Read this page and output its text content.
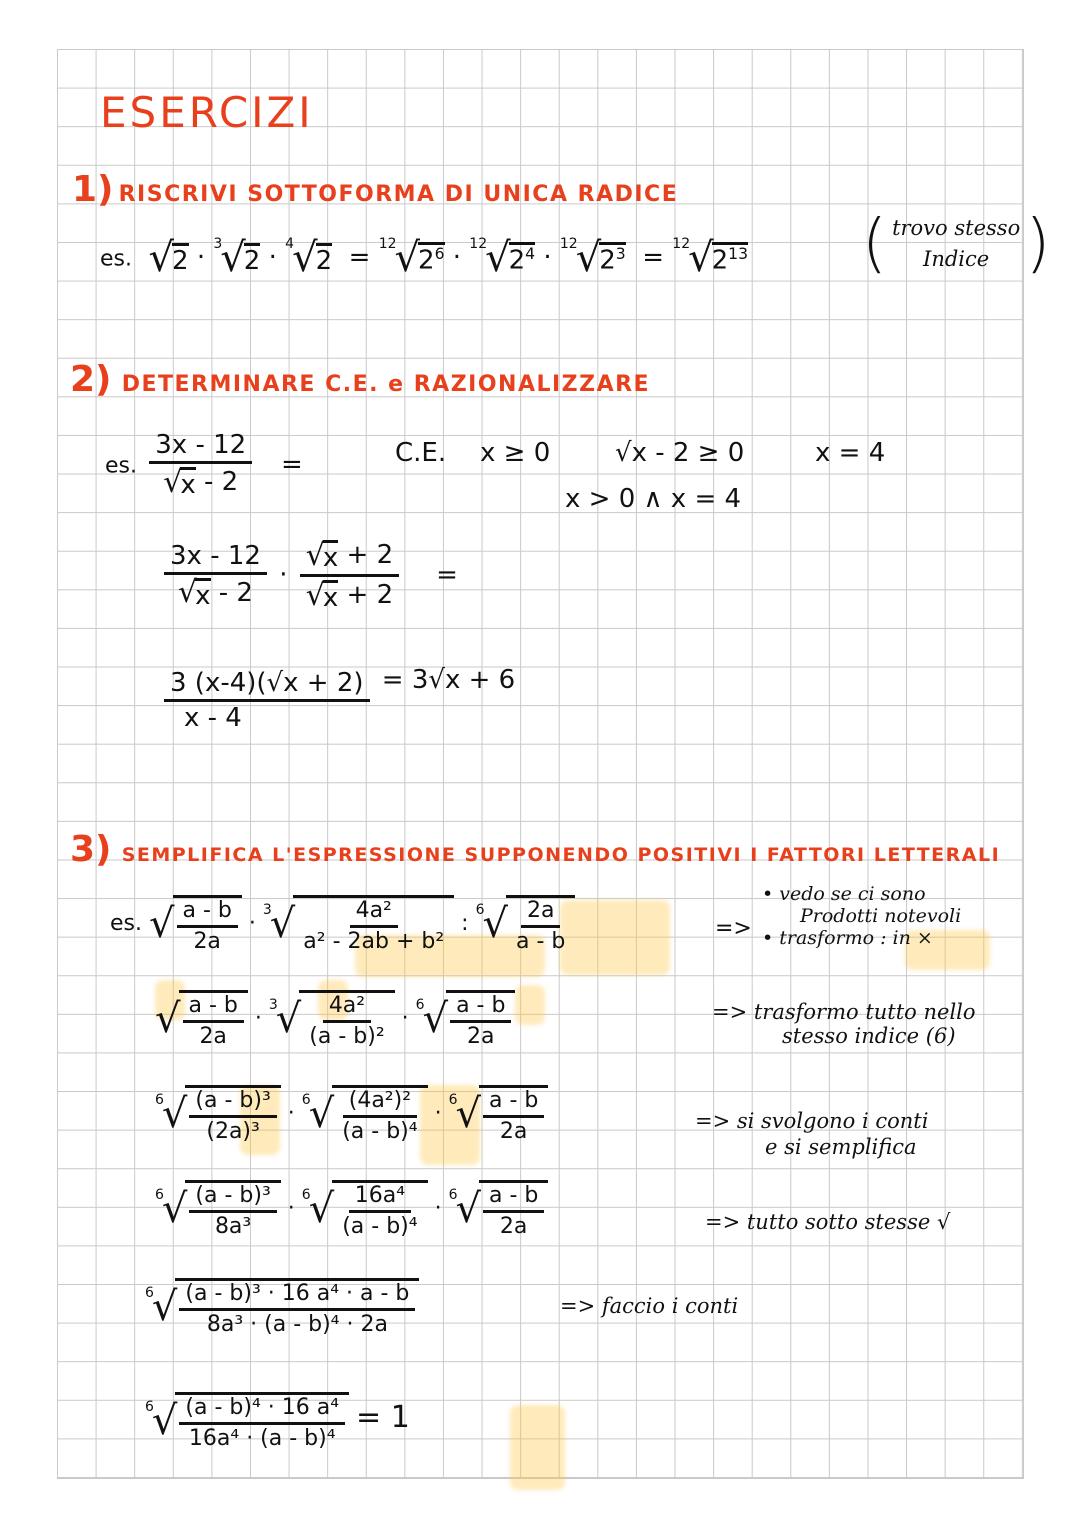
ESERCIZI
1) RISCRIVI SOTTOFORMA DI UNICA RADICE
es. √
2 · 3
√
2 · 4
√
2 = 12
√
$2^6 \cdot 12$
√
$2^4 \cdot 12$
√
$2^3 = 12$
√
$2^{13}$ ( trovo stesso
Indice )
2) DETERMINARE C.E. e RAZIONALIZZARE
es. 3x - 12
√
x - 2 =	C.E. x ≥ 0 √x - 2 ≥ 0	x = 4
x > 0 ∧ x = 4
3x - 12
√
x - 2 · √
x + 2
√
x + 2 =
$\frac{3 (x-4)(√x + 2)}{x - 4} = 3√x + 6$
3) SEMPLIFICA L'ESPRESSIONE SUPPONENDO POSITIVI I FATTORI LETTERALI
es. √ $\frac{a - b}{2a}$ ·
3
√ $\frac{\text{4a²}}{\text{a² - 2ab + b²}}$ :
6
√ $\frac{2a}{a - b}$	=>
• vedo se ci sono
Prodotti notevoli
• trasformo : in ×
√ $\frac{a - b}{2a}$ ·
3
√ $\frac{\text{4a²}}{\text{(a - b)²}}$ ·
6
√ $\frac{a - b}{2a}$	=> trasformo tutto nello
stesso indice (6)
6
√ $\frac{\text{(a - b)³}}{\text{(2a)³}}$ ·
6
√ $\frac{\text{(4a²)²}}{\text{(a - b)⁴}}$ ·
6
√ $\frac{a - b}{2a}$	=> si svolgono i conti
e si semplifica
6
√ $\frac{\text{(a - b)³}}{\text{8a³}}$ ·
6
√ $\frac{\text{16a⁴}}{\text{(a - b)⁴}}$ ·
6
√ $\frac{a - b}{2a}$	=> tutto sotto stesse √
6
√ $\frac{\text{(a - b)³ · 16 a⁴ · a - b}}{\text{8a³ · (a - b)⁴ · 2a}}$	=> faccio i conti
6
√ $\frac{\text{(a - b)⁴ · 16 a⁴}}{\text{16a⁴ · (a - b)⁴}} = 1$
